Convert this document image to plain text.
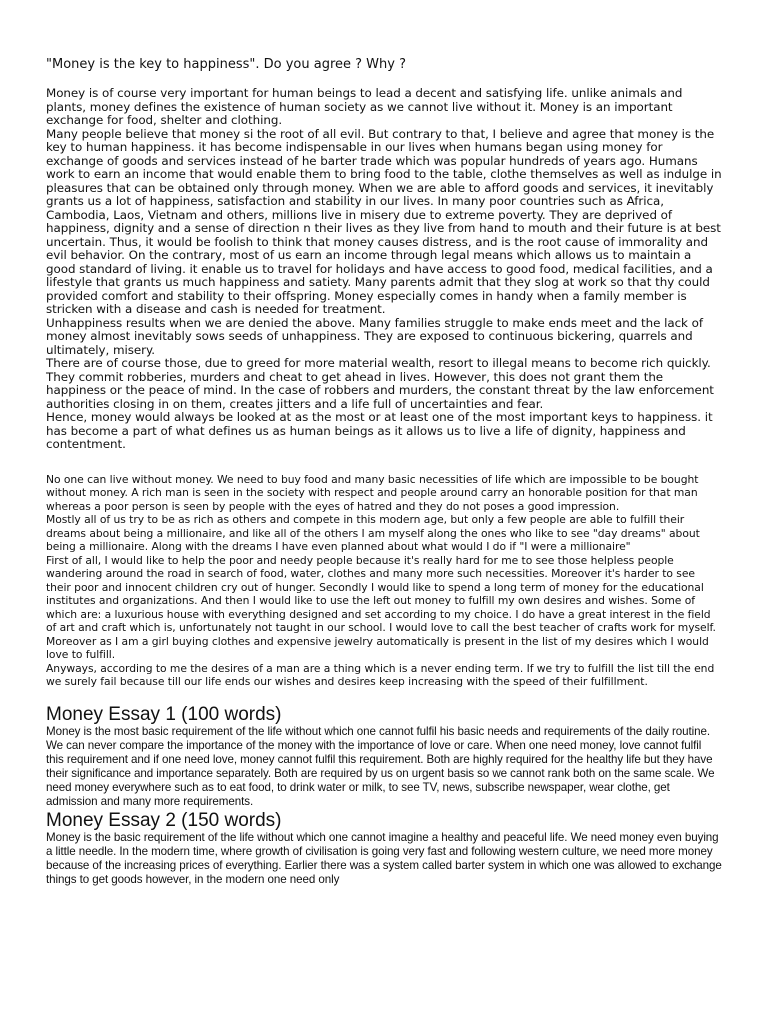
"Money is the key to happiness". Do you agree ? Why ?

Money is of course very important for human beings to lead a decent and satisfying life. unlike animals and plants, money defines the existence of human society as we cannot live without it. Money is an important exchange for food, shelter and clothing.

Many people believe that money si the root of all evil. But contrary to that, I believe and agree that money is the key to human happiness. it has become indispensable in our lives when humans began using money for exchange of goods and services instead of he barter trade which was popular hundreds of years ago. Humans work to earn an income that would enable them to bring food to the table, clothe themselves as well as indulge in pleasures that can be obtained only through money. When we are able to afford goods and services, it inevitably grants us a lot of happiness, satisfaction and stability in our lives. In many poor countries such as Africa, Cambodia, Laos, Vietnam and others, millions live in misery due to extreme poverty. They are deprived of happiness, dignity and a sense of direction n their lives as they live from hand to mouth and their future is at best uncertain. Thus, it would be foolish to think that money causes distress, and is the root cause of immorality and evil behavior. On the contrary, most of us earn an income through legal means which allows us to maintain a good standard of living. it enable us to travel for holidays and have access to good food, medical facilities, and a lifestyle that grants us much happiness and satiety. Many parents admit that they slog at work so that thy could provided comfort and stability to their offspring. Money especially comes in handy when a family member is stricken with a disease and cash is needed for treatment.

Unhappiness results when we are denied the above. Many families struggle to make ends meet and the lack of money almost inevitably sows seeds of unhappiness. They are exposed to continuous bickering, quarrels and ultimately, misery.

There are of course those, due to greed for more material wealth, resort to illegal means to become rich quickly. They commit robberies, murders and cheat to get ahead in lives. However, this does not grant them the happiness or the peace of mind. In the case of robbers and murders, the constant threat by the law enforcement authorities closing in on them, creates jitters and a life full of uncertainties and fear.

Hence, money would always be looked at as the most or at least one of the most important keys to happiness. it has become a part of what defines us as human beings as it allows us to live a life of dignity, happiness and contentment.

No one can live without money. We need to buy food and many basic necessities of life which are impossible to be bought without money. A rich man is seen in the society with respect and people around carry an honorable position for that man whereas a poor person is seen by people with the eyes of hatred and they do not poses a good impression.

Mostly all of us try to be as rich as others and compete in this modern age, but only a few people are able to fulfill their dreams about being a millionaire, and like all of the others I am myself along the ones who like to see "day dreams" about being a millionaire. Along with the dreams I have even planned about what would I do if "I were a millionaire"

First of all, I would like to help the poor and needy people because it's really hard for me to see those helpless people wandering around the road in search of food, water, clothes and many more such necessities. Moreover it's harder to see their poor and innocent children cry out of hunger. Secondly I would like to spend a long term of money for the educational institutes and organizations. And then I would like to use the left out money to fulfill my own desires and wishes. Some of which are: a luxurious house with everything designed and set according to my choice. I do have a great interest in the field of art and craft which is, unfortunately not taught in our school. I would love to call the best teacher of crafts work for myself. Moreover as I am a girl buying clothes and expensive jewelry automatically is present in the list of my desires which I would love to fulfill.

Anyways, according to me the desires of a man are a thing which is a never ending term. If we try to fulfill the list till the end we surely fail because till our life ends our wishes and desires keep increasing with the speed of their fulfillment.

Money Essay 1 (100 words)

Money is the most basic requirement of the life without which one cannot fulfil his basic needs and requirements of the daily routine. We can never compare the importance of the money with the importance of love or care. When one need money, love cannot fulfil this requirement and if one need love, money cannot fulfil this requirement. Both are highly required for the healthy life but they have their significance and importance separately. Both are required by us on urgent basis so we cannot rank both on the same scale. We need money everywhere such as to eat food, to drink water or milk, to see TV, news, subscribe newspaper, wear clothe, get admission and many more requirements.

Money Essay 2 (150 words)

Money is the basic requirement of the life without which one cannot imagine a healthy and peaceful life. We need money even buying a little needle. In the modern time, where growth of civilisation is going very fast and following western culture, we need more money because of the increasing prices of everything. Earlier there was a system called barter system in which one was allowed to exchange things to get goods however, in the modern one need only
